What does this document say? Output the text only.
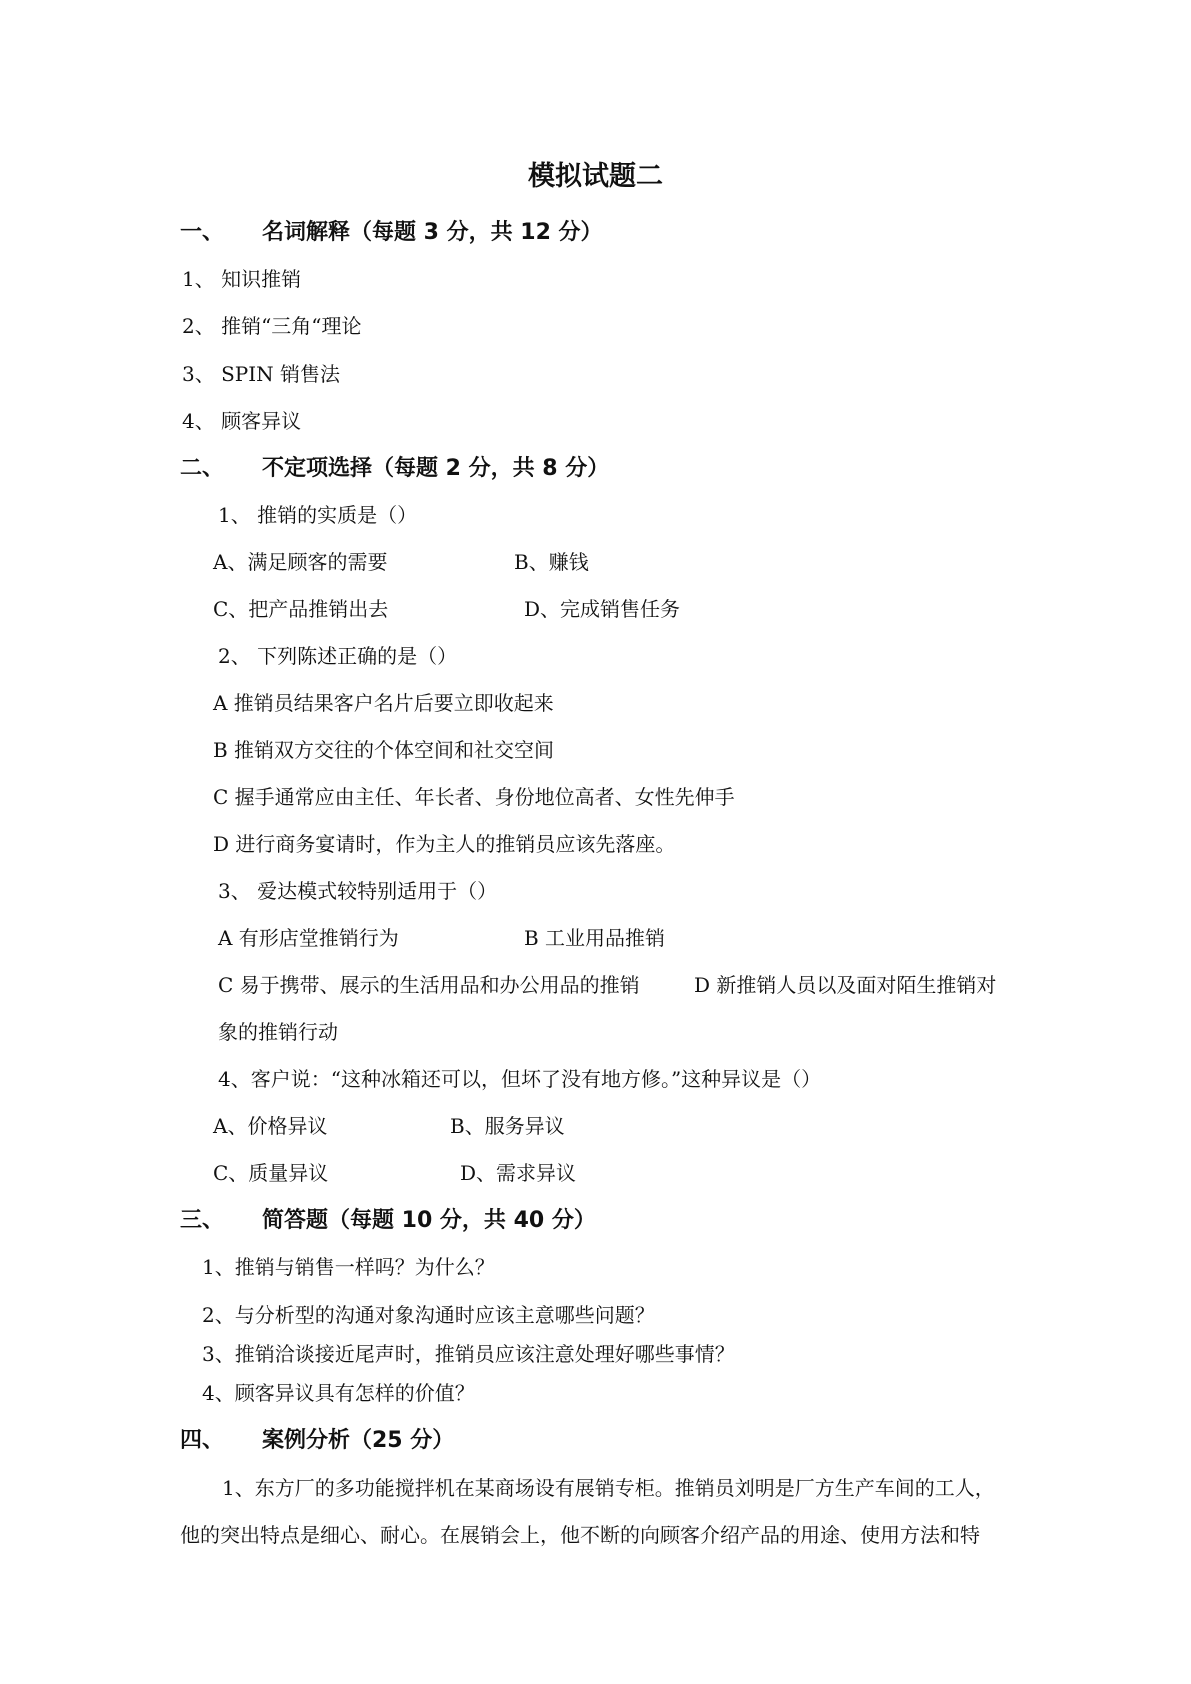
模拟试题二
一、 名词解释（每题 3 分，共 12 分）
1、 知识推销
2、 推销“三角“理论
3、 SPIN 销售法
4、 顾客异议
二、 不定项选择（每题 2 分，共 8 分）
1、 推销的实质是（）
A、满足顾客的需要	B、赚钱
C、把产品推销出去	D、完成销售任务
2、 下列陈述正确的是（）
A 推销员结果客户名片后要立即收起来
B 推销双方交往的个体空间和社交空间
C 握手通常应由主任、年长者、身份地位高者、女性先伸手
D 进行商务宴请时，作为主人的推销员应该先落座。
3、 爱达模式较特别适用于（）
A 有形店堂推销行为	B 工业用品推销
C 易于携带、展示的生活用品和办公用品的推销	D 新推销人员以及面对陌生推销对
象的推销行动
4、客户说：“这种冰箱还可以，但坏了没有地方修。”这种异议是（）
A、价格异议	B、服务异议
C、质量异议	D、需求异议
三、 简答题（每题 10 分，共 40 分）
1、推销与销售一样吗？为什么？
2、与分析型的沟通对象沟通时应该主意哪些问题？
3、推销洽谈接近尾声时，推销员应该注意处理好哪些事情？
4、顾客异议具有怎样的价值？
四、 案例分析（25 分）
1、东方厂的多功能搅拌机在某商场设有展销专柜。推销员刘明是厂方生产车间的工人，
他的突出特点是细心、耐心。在展销会上，他不断的向顾客介绍产品的用途、使用方法和特
